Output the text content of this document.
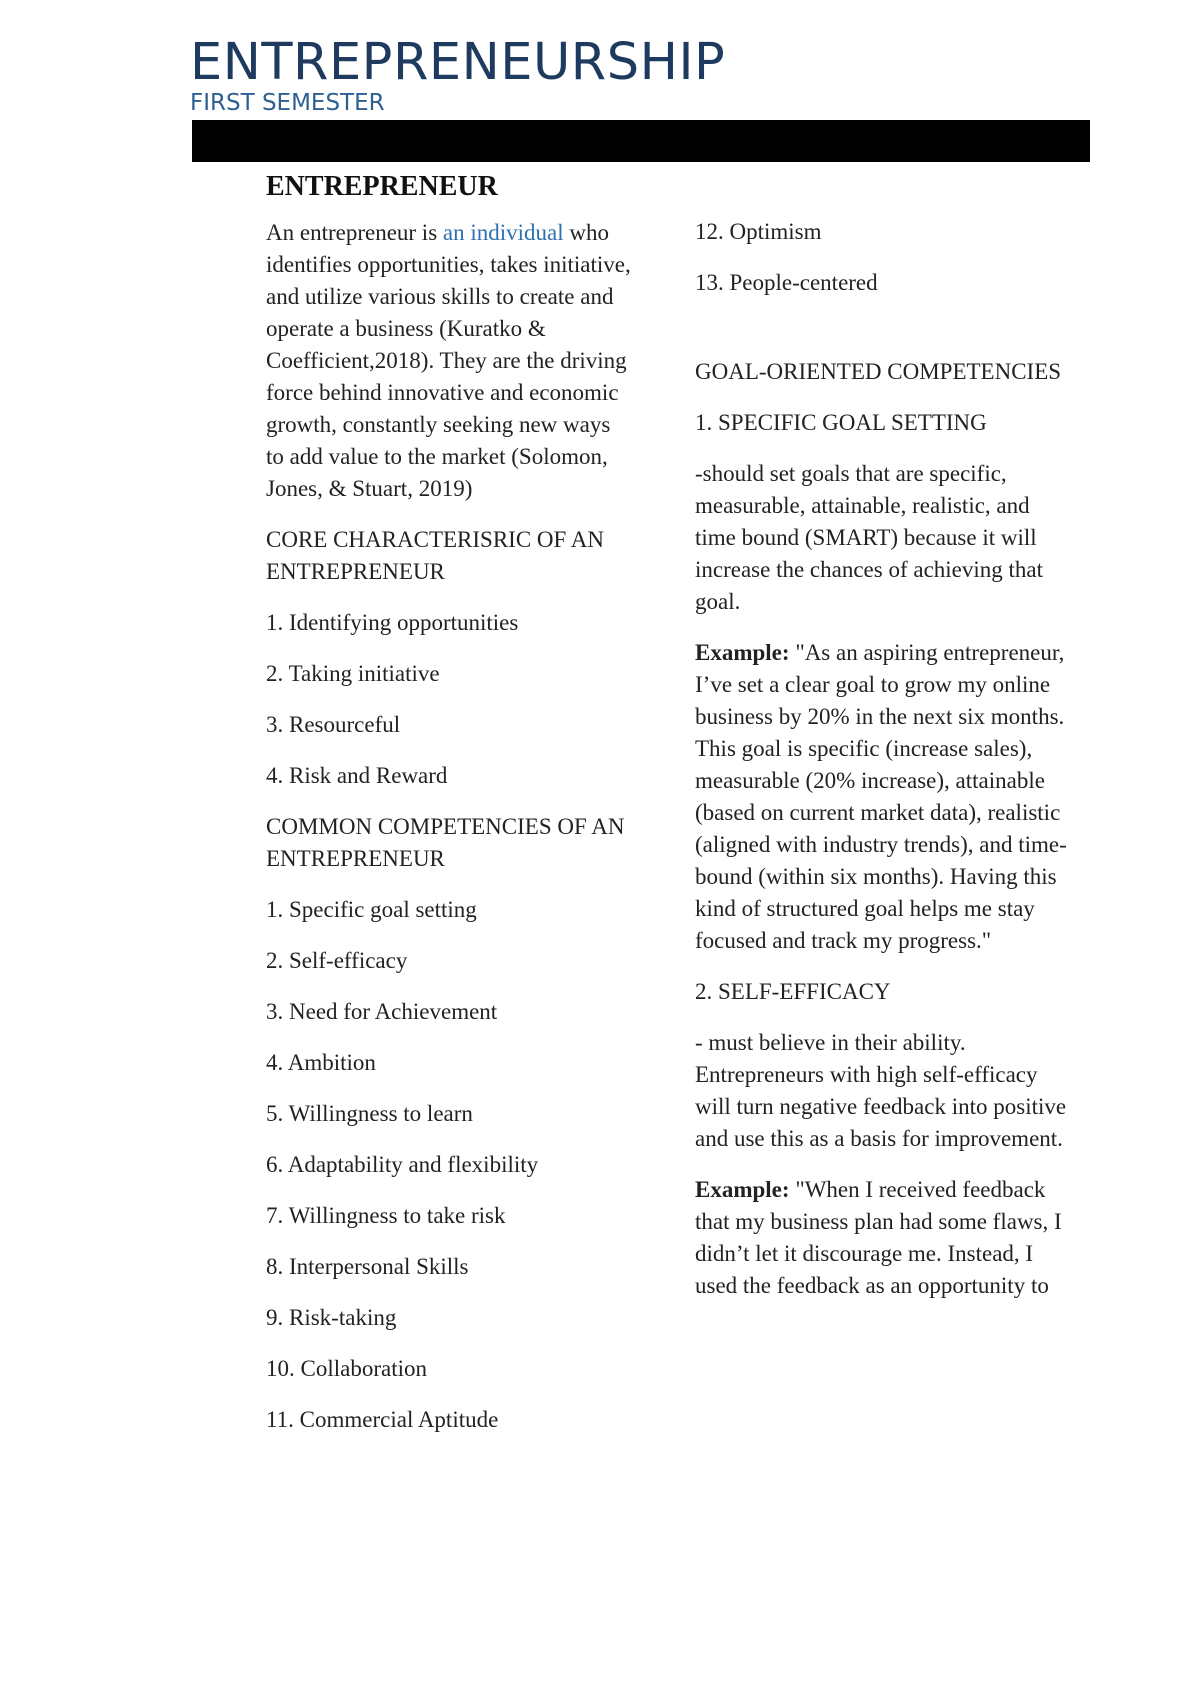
ENTREPRENEURSHIP
FIRST SEMESTER
ENTREPRENEUR

An entrepreneur is an individual who identifies opportunities, takes initiative, and utilize various skills to create and operate a business (Kuratko & Coefficient,2018). They are the driving force behind innovative and economic growth, constantly seeking new ways to add value to the market (Solomon, Jones, & Stuart, 2019)

CORE CHARACTERISRIC OF AN ENTREPRENEUR
1. Identifying opportunities
2. Taking initiative
3. Resourceful
4. Risk and Reward
COMMON COMPETENCIES OF AN ENTREPRENEUR
1. Specific goal setting
2. Self-efficacy
3. Need for Achievement
4. Ambition
5. Willingness to learn
6. Adaptability and flexibility
7. Willingness to take risk
8. Interpersonal Skills
9. Risk-taking
10. Collaboration
11. Commercial Aptitude
12. Optimism
13. People-centered
GOAL-ORIENTED COMPETENCIES
1. SPECIFIC GOAL SETTING

-should set goals that are specific, measurable, attainable, realistic, and time bound (SMART) because it will increase the chances of achieving that goal.

Example: "As an aspiring entrepreneur, I’ve set a clear goal to grow my online business by 20% in the next six months. This goal is specific (increase sales), measurable (20% increase), attainable (based on current market data), realistic (aligned with industry trends), and time-bound (within six months). Having this kind of structured goal helps me stay focused and track my progress."

2. SELF-EFFICACY

- must believe in their ability. Entrepreneurs with high self-efficacy will turn negative feedback into positive and use this as a basis for improvement.

Example: "When I received feedback that my business plan had some flaws, I didn’t let it discourage me. Instead, I used the feedback as an opportunity to
